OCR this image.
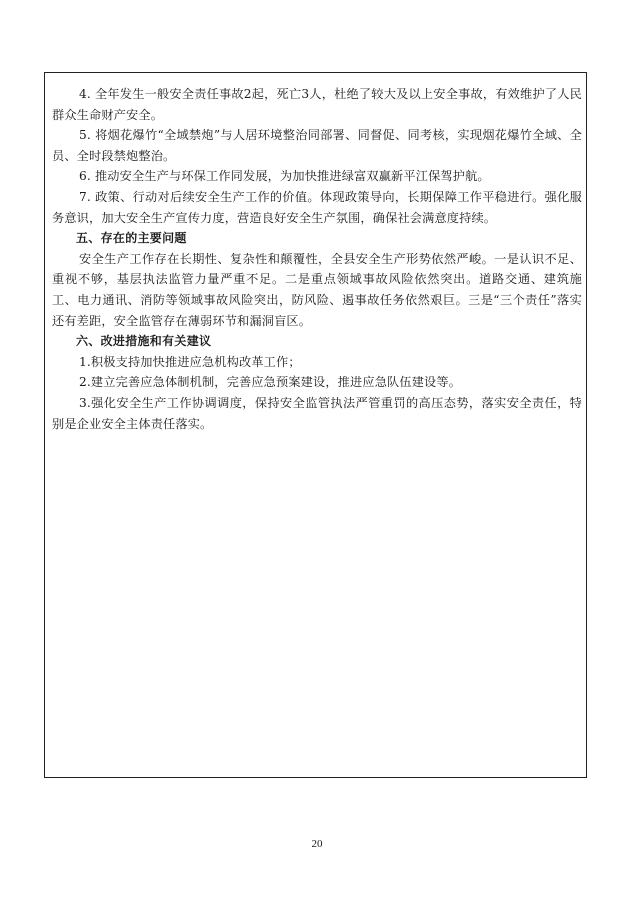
4. 全年发生一般安全责任事故2起，死亡3人，杜绝了较大及以上安全事故，有效维护了人民群众生命财产安全。

5. 将烟花爆竹“全域禁炮”与人居环境整治同部署、同督促、同考核，实现烟花爆竹全域、全员、全时段禁炮整治。

6. 推动安全生产与环保工作同发展，为加快推进绿富双赢新平江保驾护航。

7. 政策、行动对后续安全生产工作的价值。体现政策导向，长期保障工作平稳进行。强化服务意识，加大安全生产宣传力度，营造良好安全生产氛围，确保社会满意度持续。

五、存在的主要问题

安全生产工作存在长期性、复杂性和颠覆性，全县安全生产形势依然严峻。一是认识不足、重视不够，基层执法监管力量严重不足。二是重点领域事故风险依然突出。道路交通、建筑施工、电力通讯、消防等领域事故风险突出，防风险、遏事故任务依然艰巨。三是“三个责任”落实还有差距，安全监管存在薄弱环节和漏洞盲区。

六、改进措施和有关建议

1.积极支持加快推进应急机构改革工作；

2.建立完善应急体制机制，完善应急预案建设，推进应急队伍建设等。

3.强化安全生产工作协调调度，保持安全监管执法严管重罚的高压态势，落实安全责任，特别是企业安全主体责任落实。

20
